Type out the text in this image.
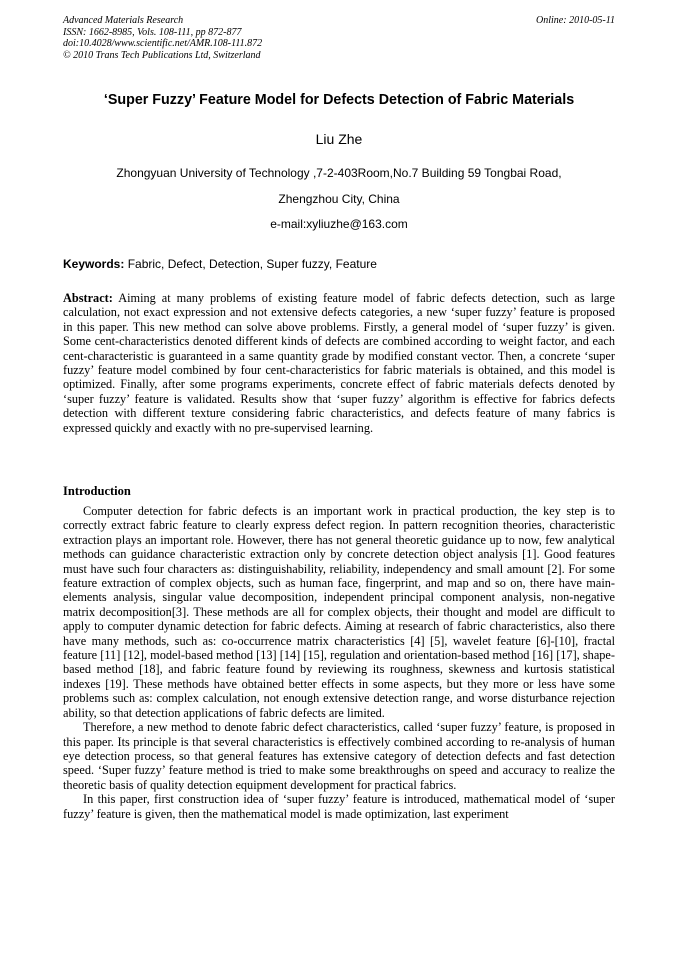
Advanced Materials Research
ISSN: 1662-8985, Vols. 108-111, pp 872-877
doi:10.4028/www.scientific.net/AMR.108-111.872
© 2010 Trans Tech Publications Ltd, Switzerland
Online: 2010-05-11
‘Super Fuzzy’ Feature Model for Defects Detection of Fabric Materials
Liu Zhe
Zhongyuan University of Technology ,7-2-403Room,No.7 Building 59 Tongbai Road,
Zhengzhou City, China
e-mail:xyliuzhe@163.com
Keywords: Fabric, Defect, Detection, Super fuzzy, Feature

Abstract: Aiming at many problems of existing feature model of fabric defects detection, such as large calculation, not exact expression and not extensive defects categories, a new ‘super fuzzy’ feature is proposed in this paper. This new method can solve above problems. Firstly, a general model of ‘super fuzzy’ is given. Some cent-characteristics denoted different kinds of defects are combined according to weight factor, and each cent-characteristic is guaranteed in a same quantity grade by modified constant vector. Then, a concrete ‘super fuzzy’ feature model combined by four cent-characteristics for fabric materials is obtained, and this model is optimized. Finally, after some programs experiments, concrete effect of fabric materials defects denoted by ‘super fuzzy’ feature is validated. Results show that ‘super fuzzy’ algorithm is effective for fabrics defects detection with different texture considering fabric characteristics, and defects feature of many fabrics is expressed quickly and exactly with no pre-supervised learning.

Introduction

Computer detection for fabric defects is an important work in practical production, the key step is to correctly extract fabric feature to clearly express defect region. In pattern recognition theories, characteristic extraction plays an important role. However, there has not general theoretic guidance up to now, few analytical methods can guidance characteristic extraction only by concrete detection object analysis [1]. Good features must have such four characters as: distinguishability, reliability, independency and small amount [2]. For some feature extraction of complex objects, such as human face, fingerprint, and map and so on, there have main-elements analysis, singular value decomposition, independent principal component analysis, non-negative matrix decomposition[3]. These methods are all for complex objects, their thought and model are difficult to apply to computer dynamic detection for fabric defects. Aiming at research of fabric characteristics, also there have many methods, such as: co-occurrence matrix characteristics [4] [5], wavelet feature [6]-[10], fractal feature [11] [12], model-based method [13] [14] [15], regulation and orientation-based method [16] [17], shape-based method [18], and fabric feature found by reviewing its roughness, skewness and kurtosis statistical indexes [19]. These methods have obtained better effects in some aspects, but they more or less have some problems such as: complex calculation, not enough extensive detection range, and worse disturbance rejection ability, so that detection applications of fabric defects are limited.

Therefore, a new method to denote fabric defect characteristics, called ‘super fuzzy’ feature, is proposed in this paper. Its principle is that several characteristics is effectively combined according to re-analysis of human eye detection process, so that general features has extensive category of detection defects and fast detection speed. ‘Super fuzzy’ feature method is tried to make some breakthroughs on speed and accuracy to realize the theoretic basis of quality detection equipment development for practical fabrics.

In this paper, first construction idea of ‘super fuzzy’ feature is introduced, mathematical model of ‘super fuzzy’ feature is given, then the mathematical model is made optimization, last experiment
